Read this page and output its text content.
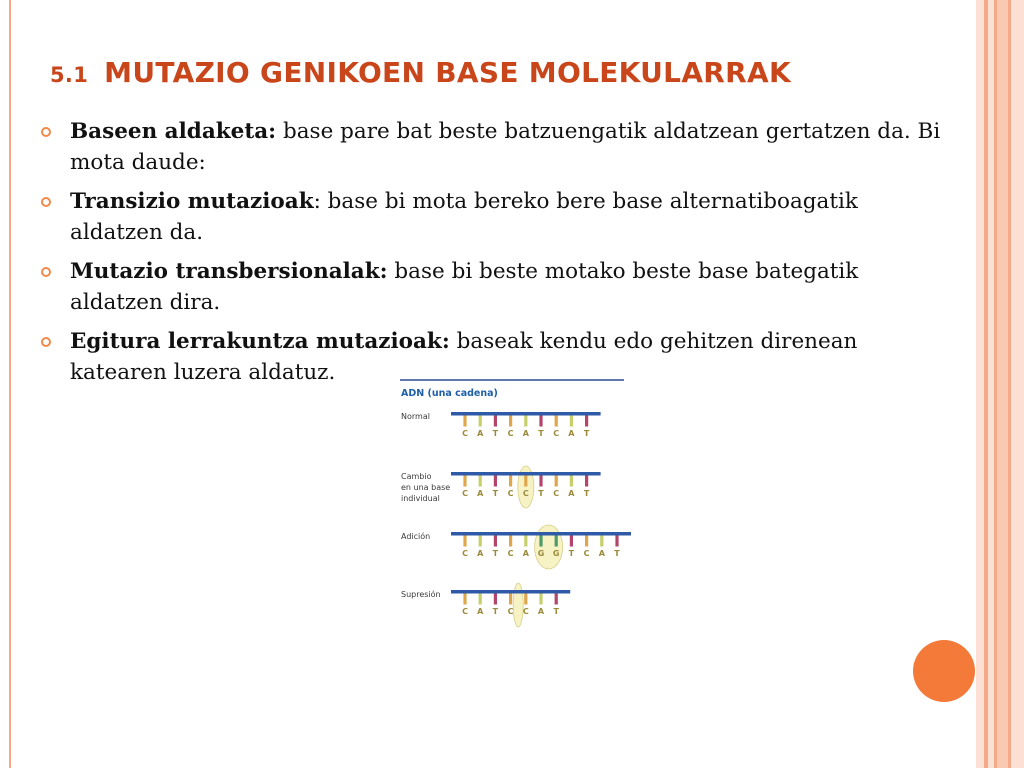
5.1 MUTAZIO GENIKOEN BASE MOLEKULARRAK
Baseen aldaketa: base pare bat beste batzuengatik aldatzean gertatzen da. Bi mota daude:
Transizio mutazioak: base bi mota bereko bere base alternatiboagatik aldatzen da.
Mutazio transbersionalak: base bi beste motako beste base bategatik aldatzen dira.
Egitura lerrakuntza mutazioak: baseak kendu edo gehitzen direnean katearen luzera aldatuz.
ADN (una cadena)
Normal
C A T C A T C A T
Cambio
en una base
individual
C A T C C T C A T
Adición
C A T C A G G T C A T
Supresión
C A T C C A T
